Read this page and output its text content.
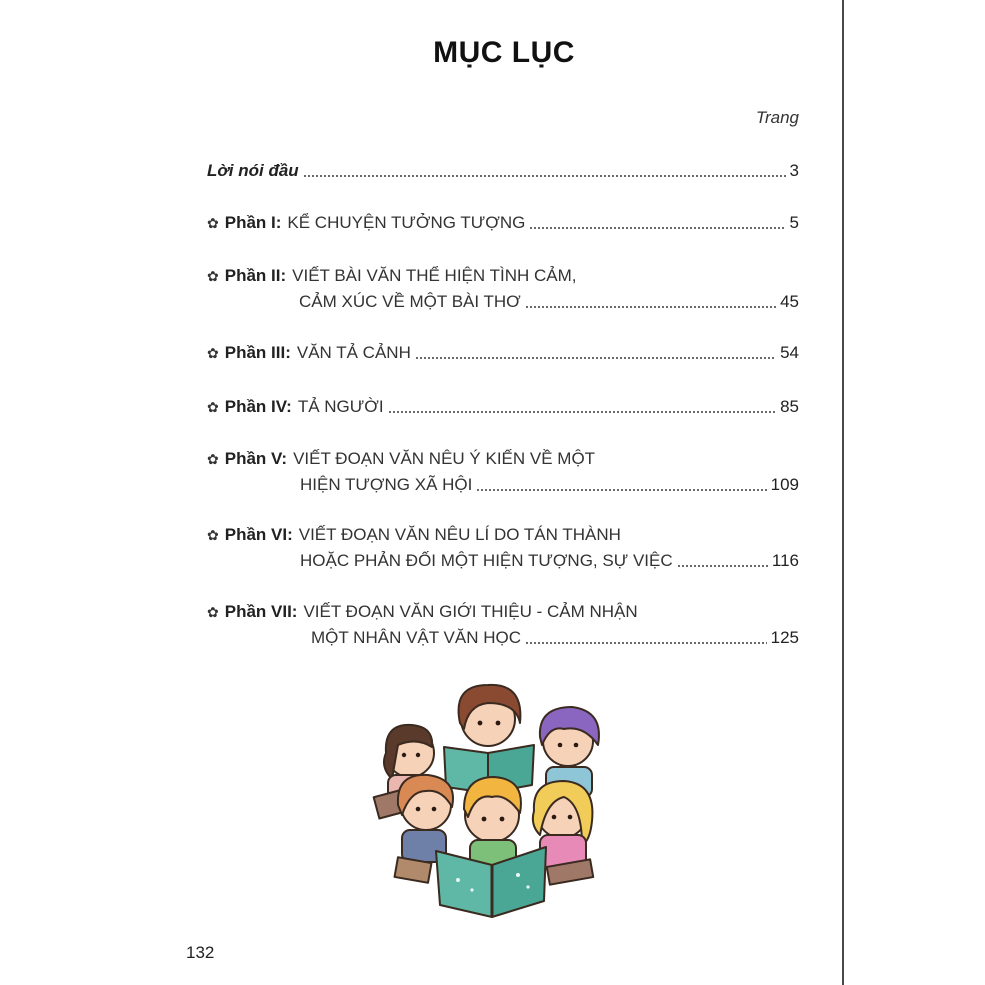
MỤC LỤC
Trang
Lời nói đầu	3
✿ Phần I: KỂ CHUYỆN TƯỞNG TƯỢNG	5
✿ Phần II: VIẾT BÀI VĂN THỂ HIỆN TÌNH CẢM,
CẢM XÚC VỀ MỘT BÀI THƠ	45
✿ Phần III: VĂN TẢ CẢNH	54
✿ Phần IV: TẢ NGƯỜI	85
✿ Phần V: VIẾT ĐOẠN VĂN NÊU Ý KIẾN VỀ MỘT
HIỆN TƯỢNG XÃ HỘI	109
✿ Phần VI: VIẾT ĐOẠN VĂN NÊU LÍ DO TÁN THÀNH
HOẶC PHẢN ĐỐI MỘT HIỆN TƯỢNG, SỰ VIỆC	116
✿ Phần VII: VIẾT ĐOẠN VĂN GIỚI THIỆU - CẢM NHẬN
MỘT NHÂN VẬT VĂN HỌC	125
132
